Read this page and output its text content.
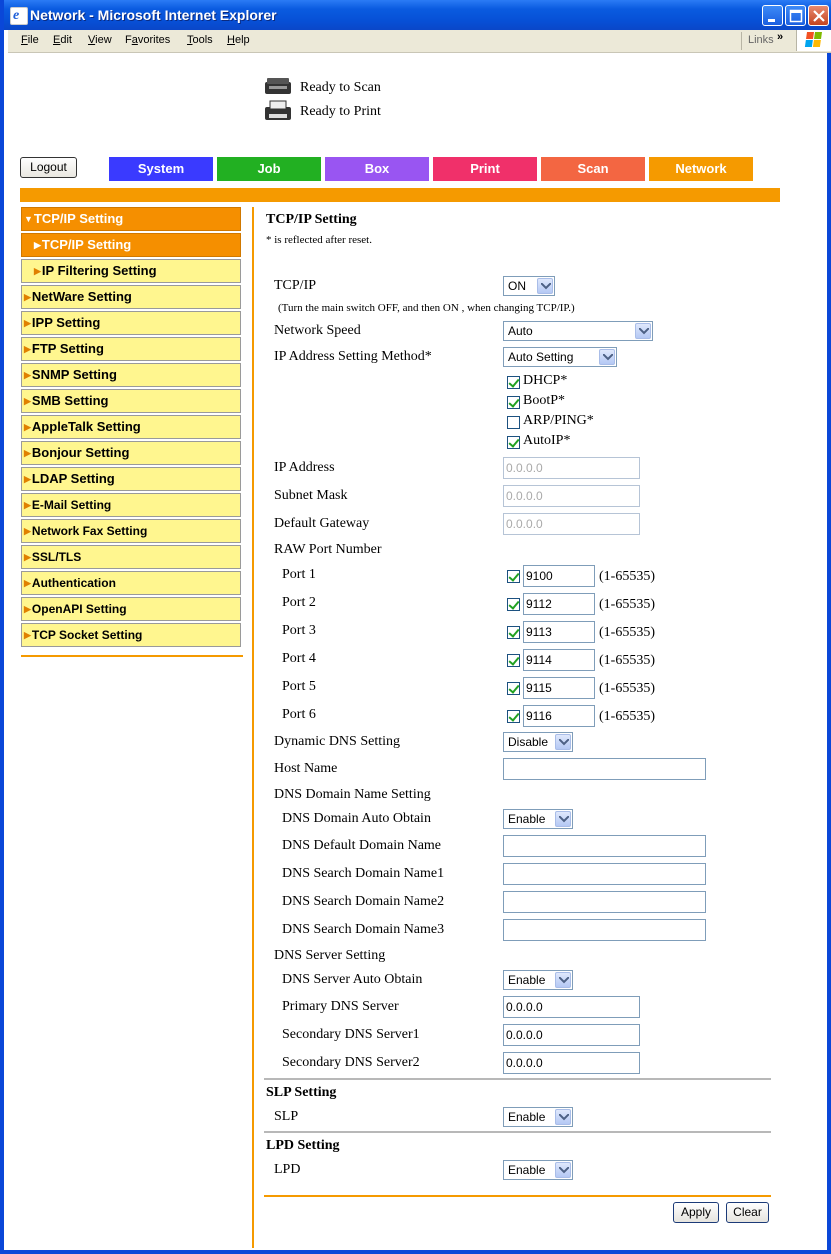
e Network - Microsoft Internet Explorer
File Edit View Favorites Tools Help	Links »
Ready to Scan
Ready to Print
Logout	System	Job	Box	Print	Scan	Network
▼TCP/IP Setting
▶TCP/IP Setting
▶IP Filtering Setting
▶NetWare Setting
▶IPP Setting
▶FTP Setting
▶SNMP Setting
▶SMB Setting
▶AppleTalk Setting
▶Bonjour Setting
▶LDAP Setting
▶E-Mail Setting
▶Network Fax Setting
▶SSL/TLS
▶Authentication
▶OpenAPI Setting
▶TCP Socket Setting
TCP/IP Setting
* is reflected after reset.
TCP/IP	ON
(Turn the main switch OFF, and then ON , when changing TCP/IP.)
Network Speed	Auto
IP Address Setting Method*	Auto Setting
DHCP*
BootP*
ARP/PING*
AutoIP*
IP Address	0.0.0.0
Subnet Mask	0.0.0.0
Default Gateway	0.0.0.0
RAW Port Number
Port 1	9100	(1-65535)
Port 2	9112	(1-65535)
Port 3	9113	(1-65535)
Port 4	9114	(1-65535)
Port 5	9115	(1-65535)
Port 6	9116	(1-65535)
Dynamic DNS Setting	Disable
Host Name
DNS Domain Name Setting
DNS Domain Auto Obtain	Enable
DNS Default Domain Name
DNS Search Domain Name1
DNS Search Domain Name2
DNS Search Domain Name3
DNS Server Setting
DNS Server Auto Obtain	Enable
Primary DNS Server	0.0.0.0
Secondary DNS Server1	0.0.0.0
Secondary DNS Server2	0.0.0.0
SLP Setting
SLP	Enable
LPD Setting
LPD	Enable
Apply	Clear
